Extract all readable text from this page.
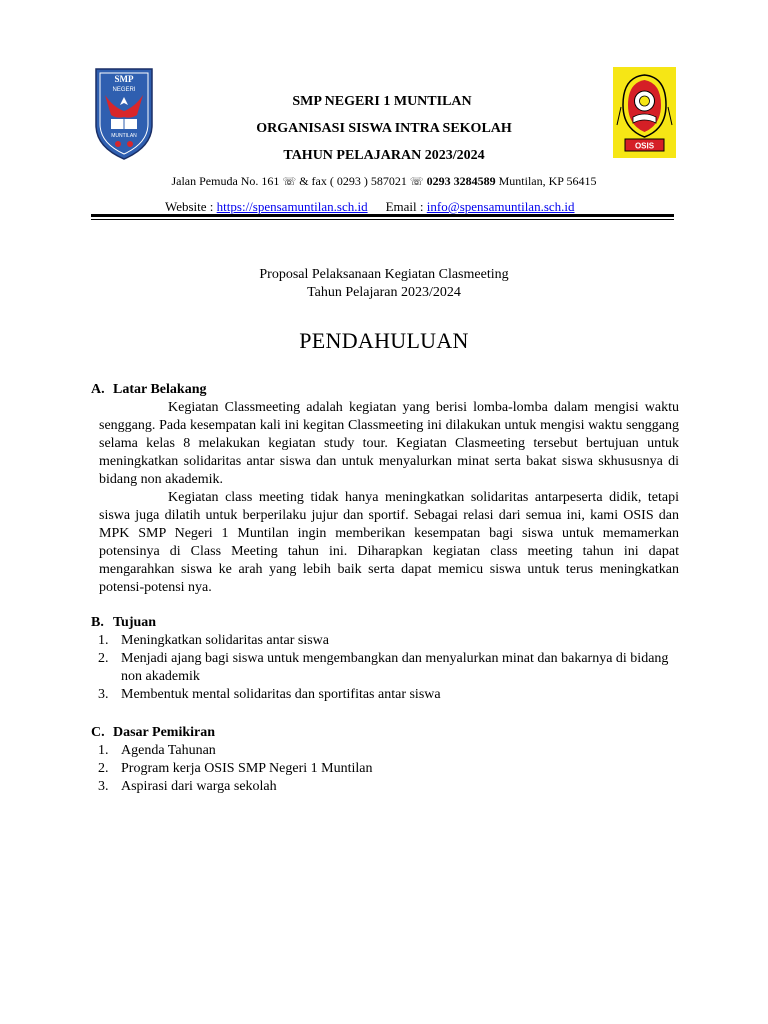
SMP
NEGERI
MUNTILAN
OSIS
SMP NEGERI 1 MUNTILAN
ORGANISASI SISWA INTRA SEKOLAH
TAHUN PELAJARAN 2023/2024
Jalan Pemuda No. 161 ☏ & fax ( 0293 ) 587021 ☏ 0293 3284589 Muntilan, KP 56415
Website : https://spensamuntilan.sch.id Email : info@spensamuntilan.sch.id
Proposal Pelaksanaan Kegiatan Clasmeeting
Tahun Pelajaran 2023/2024
PENDAHULUAN

A. Latar Belakang

Kegiatan Classmeeting adalah kegiatan yang berisi lomba-lomba dalam mengisi waktu senggang. Pada kesempatan kali ini kegitan Classmeeting ini dilakukan untuk mengisi waktu senggang selama kelas 8 melakukan kegiatan study tour. Kegiatan Clasmeeting tersebut bertujuan untuk meningkatkan solidaritas antar siswa dan untuk menyalurkan minat serta bakat siswa skhususnya di bidang non akademik.

Kegiatan class meeting tidak hanya meningkatkan solidaritas antarpeserta didik, tetapi siswa juga dilatih untuk berperilaku jujur dan sportif. Sebagai relasi dari semua ini, kami OSIS dan MPK SMP Negeri 1 Muntilan ingin memberikan kesempatan bagi siswa untuk memamerkan potensinya di Class Meeting tahun ini. Diharapkan kegiatan class meeting tahun ini dapat mengarahkan siswa ke arah yang lebih baik serta dapat memicu siswa untuk terus meningkatkan potensi-potensi nya.

B. Tujuan

1. Meningkatkan solidaritas antar siswa
2. Menjadi ajang bagi siswa untuk mengembangkan dan menyalurkan minat dan bakarnya di bidang non akademik
3. Membentuk mental solidaritas dan sportifitas antar siswa

C. Dasar Pemikiran

1. Agenda Tahunan
2. Program kerja OSIS SMP Negeri 1 Muntilan
3. Aspirasi dari warga sekolah
